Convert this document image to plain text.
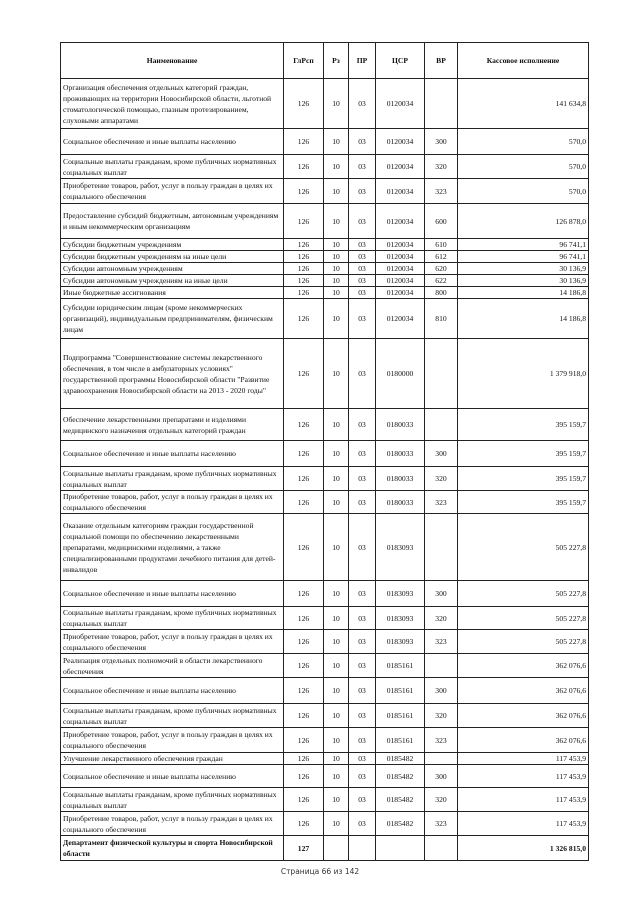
Наименование	ГлРсп	Рз	ПР	ЦСР	ВР	Кассовое исполнение
Организация обеспечения отдельных категорий граждан, проживающих на территории Новосибирской области, льготной стоматологической помощью, глазным протезированием, слуховыми аппаратами	126	10	03	0120034		141 634,8
Социальное обеспечение и иные выплаты населению	126	10	03	0120034	300	570,0
Социальные выплаты гражданам, кроме публичных нормативных социальных выплат	126	10	03	0120034	320	570,0
Приобретение товаров, работ, услуг в пользу граждан в целях их социального обеспечения	126	10	03	0120034	323	570,0
Предоставление субсидий бюджетным, автономным учреждениям и иным некоммерческим организациям	126	10	03	0120034	600	126 878,0
Субсидии бюджетным учреждениям	126	10	03	0120034	610	96 741,1
Субсидии бюджетным учреждениям на иные цели	126	10	03	0120034	612	96 741,1
Субсидии автономным учреждениям	126	10	03	0120034	620	30 136,9
Субсидии автономным учреждениям на иные цели	126	10	03	0120034	622	30 136,9
Иные бюджетные ассигнования	126	10	03	0120034	800	14 186,8
Субсидии юридическим лицам (кроме некоммерческих организаций), индивидуальным предпринимателям, физическим лицам	126	10	03	0120034	810	14 186,8
Подпрограмма "Совершенствование системы лекарственного обеспечения, в том числе в амбулаторных условиях" государственной программы Новосибирской области "Развитие здравоохранения Новосибирской области на 2013 - 2020 годы"	126	10	03	0180000		1 379 918,0
Обеспечение лекарственными препаратами и изделиями медицинского назначения отдельных категорий граждан	126	10	03	0180033		395 159,7
Социальное обеспечение и иные выплаты населению	126	10	03	0180033	300	395 159,7
Социальные выплаты гражданам, кроме публичных нормативных социальных выплат	126	10	03	0180033	320	395 159,7
Приобретение товаров, работ, услуг в пользу граждан в целях их социального обеспечения	126	10	03	0180033	323	395 159,7
Оказание отдельным категориям граждан государственной социальной помощи по обеспечению лекарственными препаратами, медицинскими изделиями, а также специализированными продуктами лечебного питания для детей-инвалидов	126	10	03	0183093		505 227,8
Социальное обеспечение и иные выплаты населению	126	10	03	0183093	300	505 227,8
Социальные выплаты гражданам, кроме публичных нормативных социальных выплат	126	10	03	0183093	320	505 227,8
Приобретение товаров, работ, услуг в пользу граждан в целях их социального обеспечения	126	10	03	0183093	323	505 227,8
Реализация отдельных полномочий в области лекарственного обеспечения	126	10	03	0185161		362 076,6
Социальное обеспечение и иные выплаты населению	126	10	03	0185161	300	362 076,6
Социальные выплаты гражданам, кроме публичных нормативных социальных выплат	126	10	03	0185161	320	362 076,6
Приобретение товаров, работ, услуг в пользу граждан в целях их социального обеспечения	126	10	03	0185161	323	362 076,6
Улучшение лекарственного обеспечения граждан	126	10	03	0185482		117 453,9
Социальное обеспечение и иные выплаты населению	126	10	03	0185482	300	117 453,9
Социальные выплаты гражданам, кроме публичных нормативных социальных выплат	126	10	03	0185482	320	117 453,9
Приобретение товаров, работ, услуг в пользу граждан в целях их социального обеспечения	126	10	03	0185482	323	117 453,9
Департамент физической культуры и спорта Новосибирской области	127					1 326 815,0
Страница 66 из 142
